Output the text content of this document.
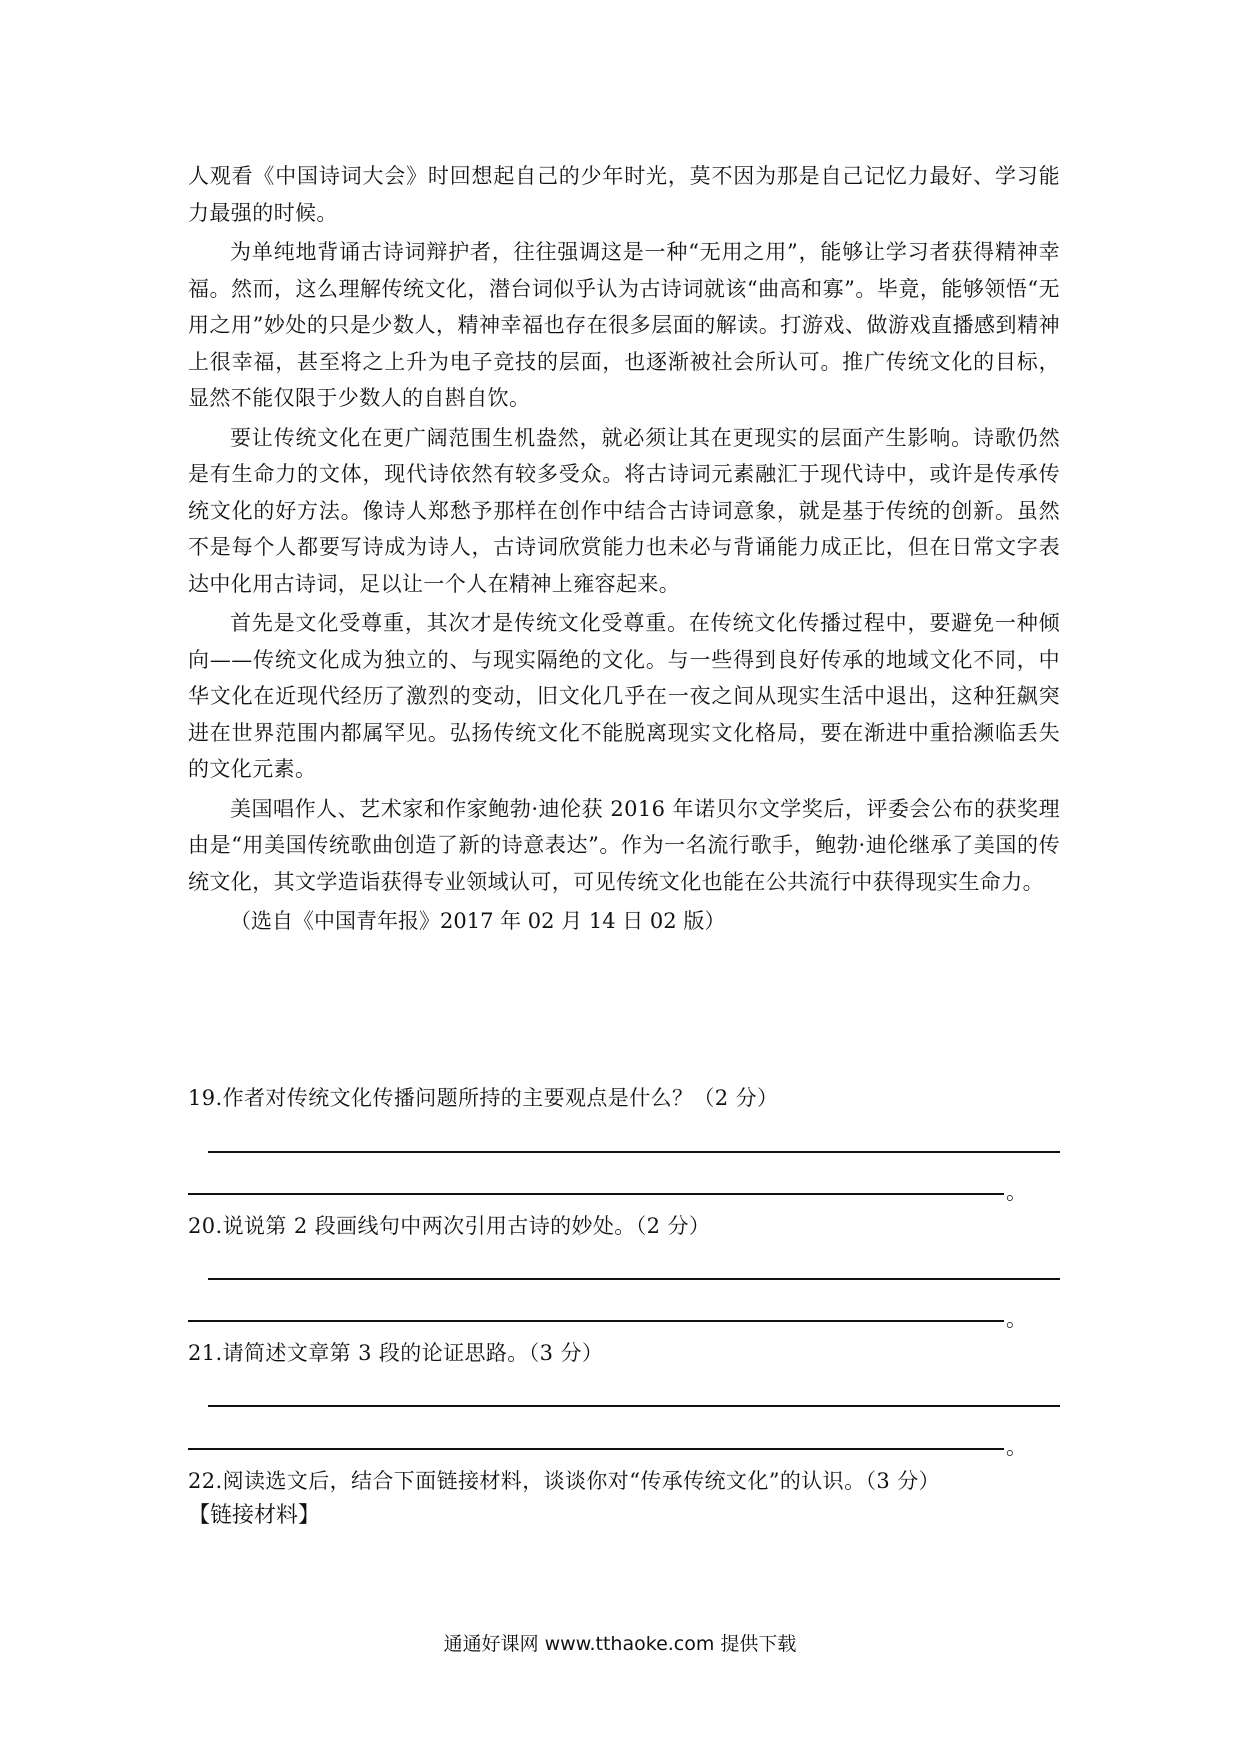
人观看《中国诗词大会》时回想起自己的少年时光，莫不因为那是自己记忆力最好、学习能力最强的时候。

为单纯地背诵古诗词辩护者，往往强调这是一种“无用之用”，能够让学习者获得精神幸福。然而，这么理解传统文化，潜台词似乎认为古诗词就该“曲高和寡”。毕竟，能够领悟“无用之用”妙处的只是少数人，精神幸福也存在很多层面的解读。打游戏、做游戏直播感到精神上很幸福，甚至将之上升为电子竞技的层面，也逐渐被社会所认可。推广传统文化的目标，显然不能仅限于少数人的自斟自饮。

要让传统文化在更广阔范围生机盎然，就必须让其在更现实的层面产生影响。诗歌仍然是有生命力的文体，现代诗依然有较多受众。将古诗词元素融汇于现代诗中，或许是传承传统文化的好方法。像诗人郑愁予那样在创作中结合古诗词意象，就是基于传统的创新。虽然不是每个人都要写诗成为诗人，古诗词欣赏能力也未必与背诵能力成正比，但在日常文字表达中化用古诗词，足以让一个人在精神上雍容起来。

首先是文化受尊重，其次才是传统文化受尊重。在传统文化传播过程中，要避免一种倾向——传统文化成为独立的、与现实隔绝的文化。与一些得到良好传承的地域文化不同，中华文化在近现代经历了激烈的变动，旧文化几乎在一夜之间从现实生活中退出，这种狂飙突进在世界范围内都属罕见。弘扬传统文化不能脱离现实文化格局，要在渐进中重拾濒临丢失的文化元素。

美国唱作人、艺术家和作家鲍勃·迪伦获 2016 年诺贝尔文学奖后，评委会公布的获奖理由是“用美国传统歌曲创造了新的诗意表达”。作为一名流行歌手，鲍勃·迪伦继承了美国的传统文化，其文学造诣获得专业领域认可，可见传统文化也能在公共流行中获得现实生命力。

（选自《中国青年报》2017 年 02 月 14 日 02 版）

19.作者对传统文化传播问题所持的主要观点是什么？（2 分）
。
20.说说第 2 段画线句中两次引用古诗的妙处。（2 分）
。
21.请简述文章第 3 段的论证思路。（3 分）
。
22.阅读选文后，结合下面链接材料，谈谈你对“传承传统文化”的认识。（3 分）
【链接材料】
通通好课网 www.tthaoke.com 提供下载
